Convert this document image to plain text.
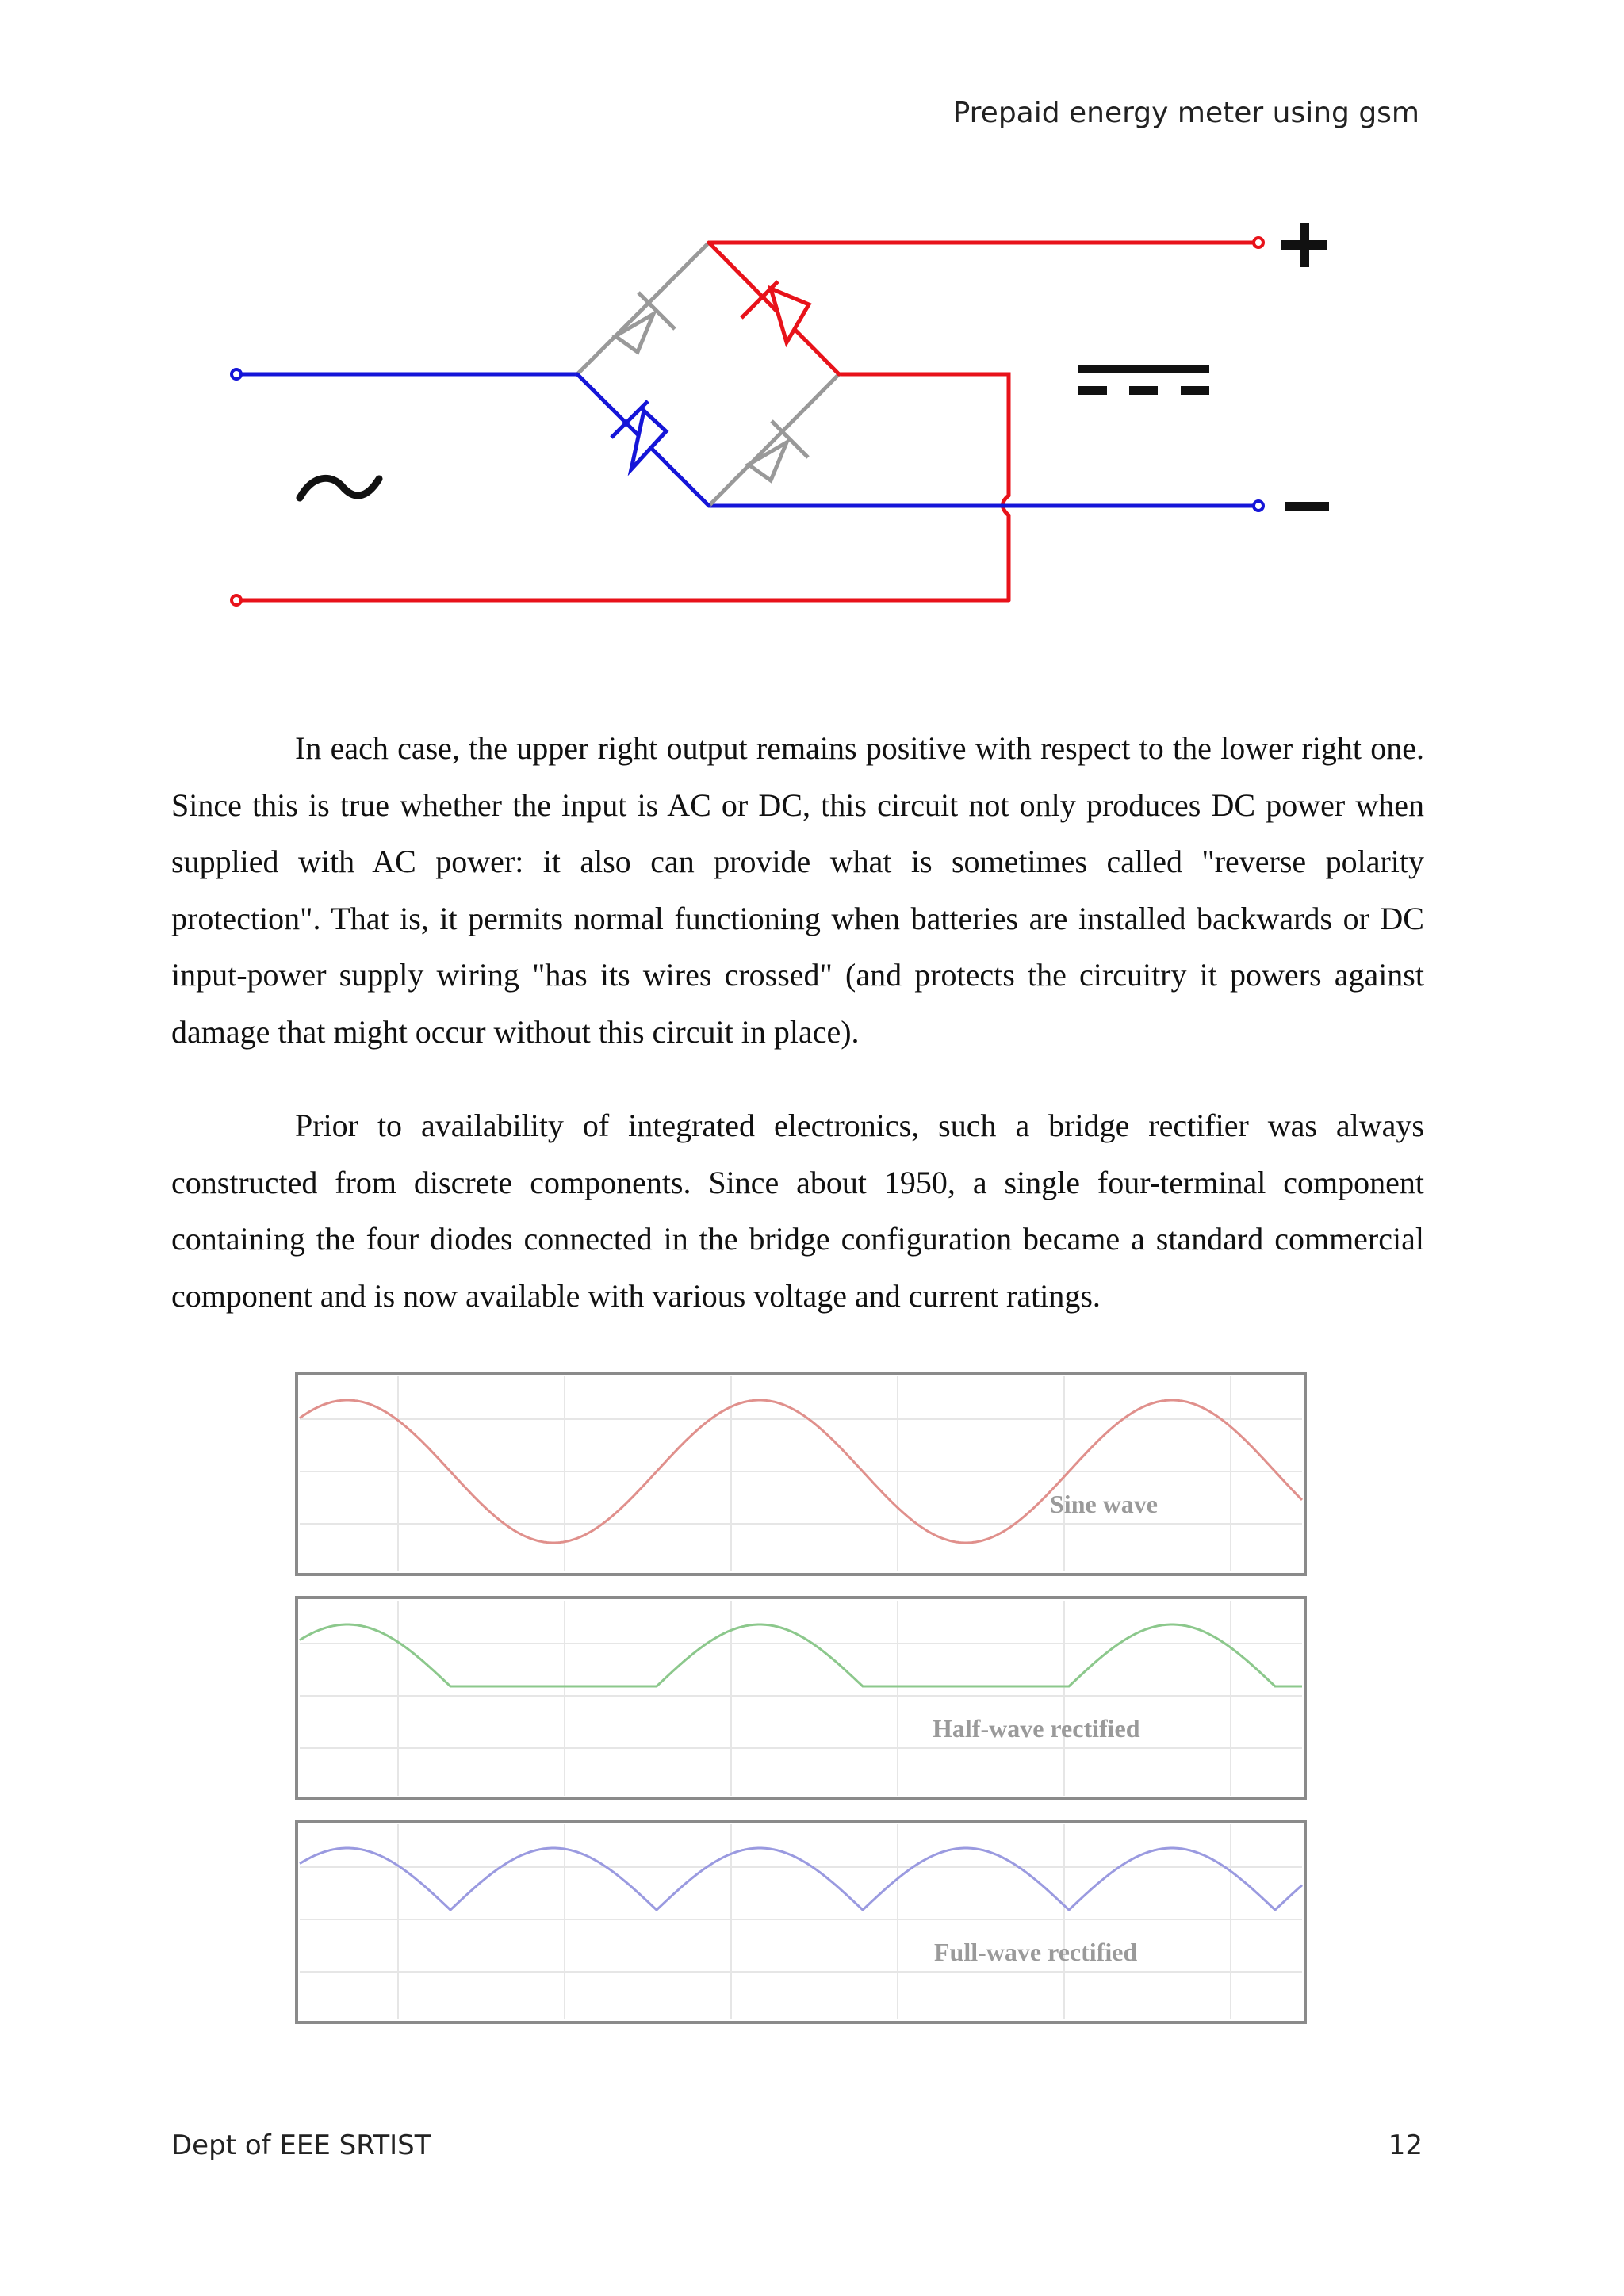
Prepaid energy meter using gsm

In each case, the upper right output remains positive with respect to the lower right one. Since this is true whether the input is AC or DC, this circuit not only produces DC power when supplied with AC power: it also can provide what is sometimes called "reverse polarity protection". That is, it permits normal functioning when batteries are installed backwards or DC input-power supply wiring "has its wires crossed" (and protects the circuitry it powers against damage that might occur without this circuit in place).

Prior to availability of integrated electronics, such a bridge rectifier was always constructed from discrete components. Since about 1950, a single four-terminal component containing the four diodes connected in the bridge configuration became a standard commercial component and is now available with various voltage and current ratings.

Sine wave
Half-wave rectified
Full-wave rectified
Dept of EEE SRTIST	12
